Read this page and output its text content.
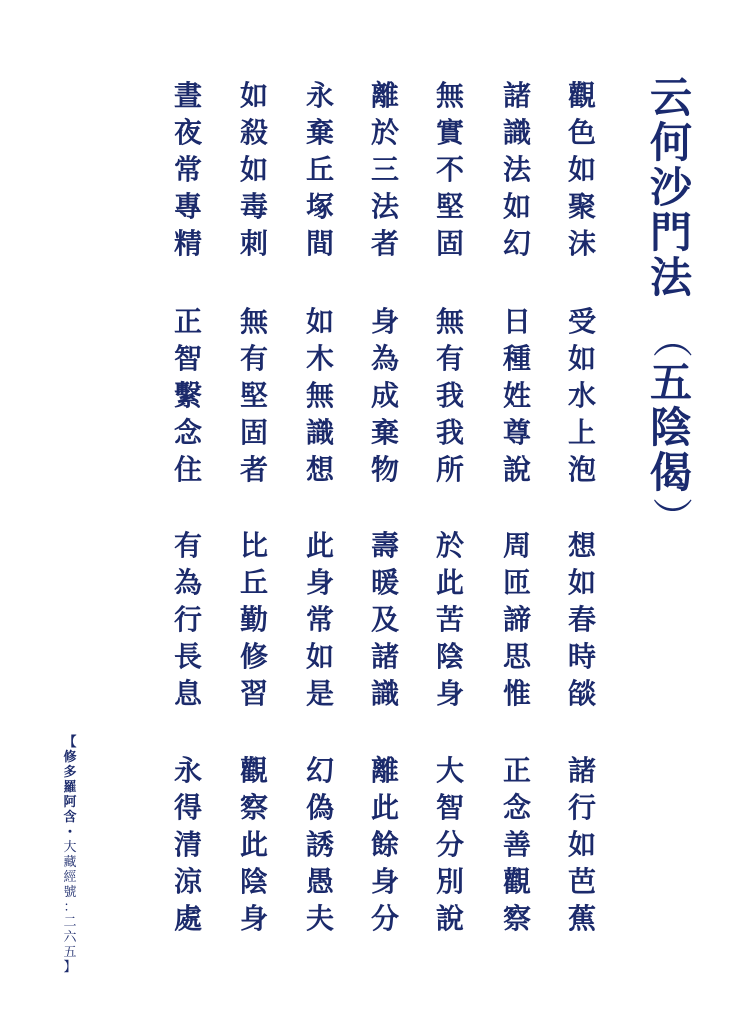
云
何
沙
門
法
（
五
陰
偈
）
觀
色
如
聚
沫
諸
識
法
如
幻
無
實
不
堅
固
離
於
三
法
者
永
棄
丘
塚
間
如
殺
如
毒
刺
晝
夜
常
專
精
受
如
水
上
泡
日
種
姓
尊
說
無
有
我
我
所
身
為
成
棄
物
如
木
無
識
想
無
有
堅
固
者
正
智
繫
念
住
想
如
春
時
燄
周
匝
諦
思
惟
於
此
苦
陰
身
壽
暖
及
諸
識
此
身
常
如
是
比
丘
勤
修
習
有
為
行
長
息
諸
行
如
芭
蕉
正
念
善
觀
察
大
智
分
別
說
離
此
餘
身
分
幻
偽
誘
愚
夫
觀
察
此
陰
身
永
得
清
涼
處
【
修
多
羅
阿
含
・
大
藏
經
號
：
二
六
五
】
